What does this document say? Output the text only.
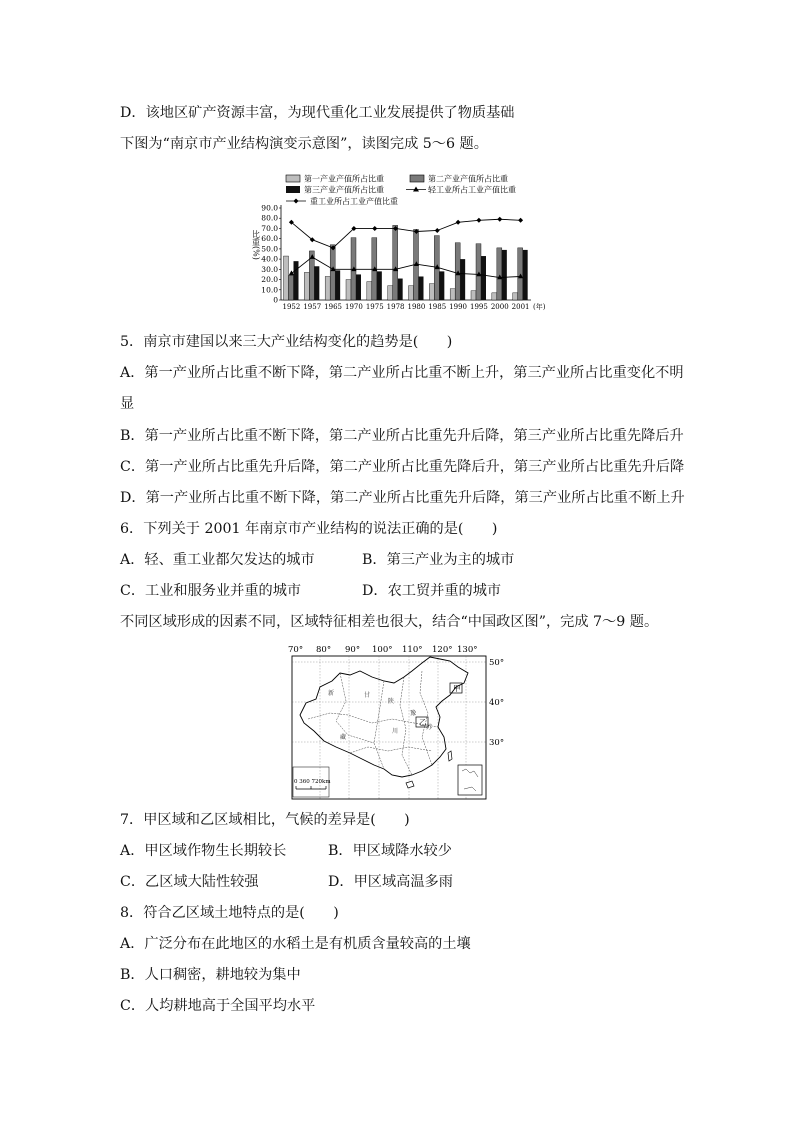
D．该地区矿产资源丰富，为现代重化工业发展提供了物质基础
下图为“南京市产业结构演变示意图”，读图完成 5～6 题。
第一产业产值所占比重	第二产业产值所占比重
第三产业产值所占比重	轻工业所占工业产值比重
重工业所占工业产值比重
比重(%)
0
10.0
20.0
30.0
40.0
50.0
60.0
70.0
80.0
90.0
1952 1957 1965 1970 1975 1978 1980 1985 1990 1995 2000 2001 (年)
5．南京市建国以来三大产业结构变化的趋势是(　　)
A．第一产业所占比重不断下降，第二产业所占比重不断上升，第三产业所占比重变化不明
显
B．第一产业所占比重不断下降，第二产业所占比重先升后降，第三产业所占比重先降后升
C．第一产业所占比重先升后降，第二产业所占比重先降后升，第三产业所占比重先升后降
D．第一产业所占比重不断下降，第二产业所占比重先升后降，第三产业所占比重不断上升
6．下列关于 2001 年南京市产业结构的说法正确的是(　　)
A．轻、重工业都欠发达的城市	B．第三产业为主的城市
C．工业和服务业并重的城市	D．农工贸并重的城市
不同区域形成的因素不同，区域特征相差也很大，结合“中国政区图”，完成 7～9 题。
70° 80° 90° 100° 110° 120° 130°
50°
40°
30°
新
藏
甘
陕
川
豫
苏
甲
乙
0 360 720km
7．甲区域和乙区域相比，气候的差异是(　　)
A．甲区域作物生长期较长	B．甲区域降水较少
C．乙区域大陆性较强	D．甲区域高温多雨
8．符合乙区域土地特点的是(　　)
A．广泛分布在此地区的水稻土是有机质含量较高的土壤
B．人口稠密，耕地较为集中
C．人均耕地高于全国平均水平
